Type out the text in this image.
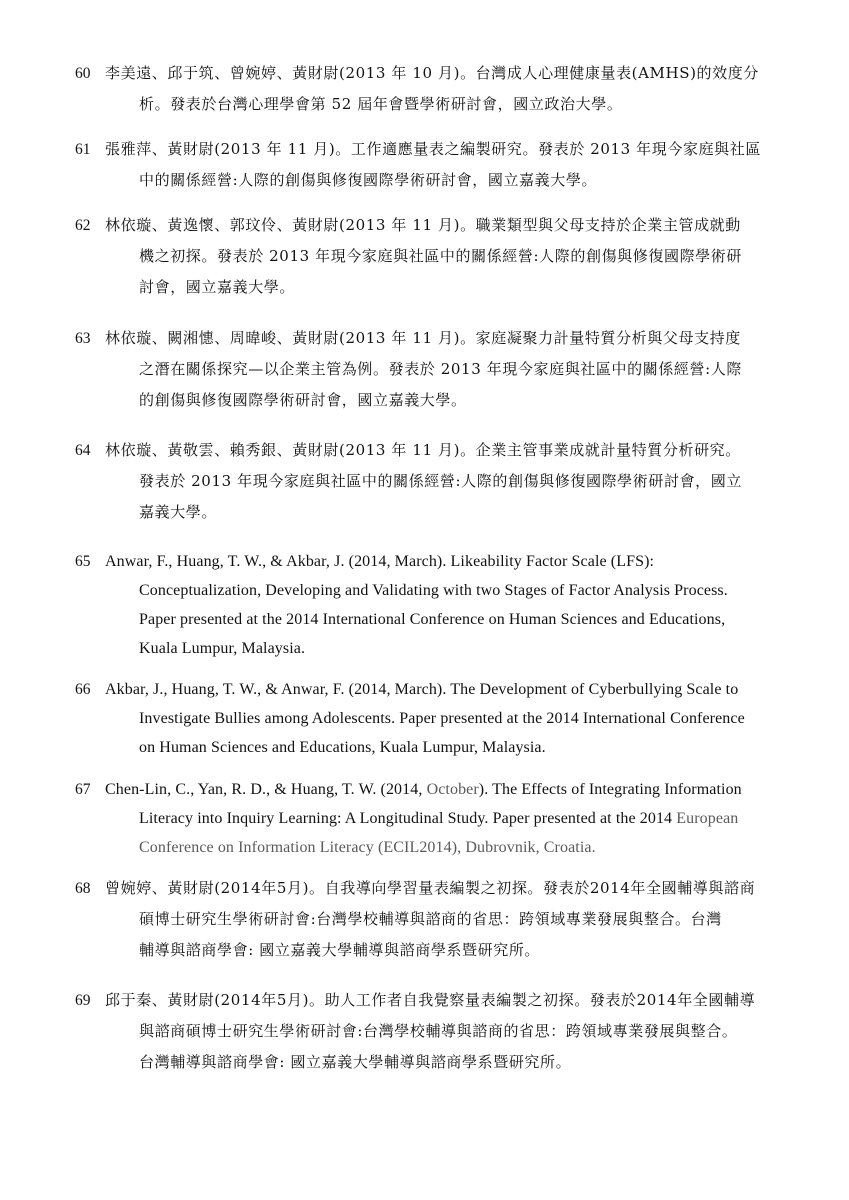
60 李美遠、邱于筑、曾婉婷、黃財尉(2013 年 10 月)。台灣成人心理健康量表(AMHS)的效度分
析。發表於台灣心理學會第 52 屆年會暨學術研討會，國立政治大學。
61 張雅萍、黃財尉(2013 年 11 月)。工作適應量表之編製研究。發表於 2013 年現今家庭與社區
中的關係經營:人際的創傷與修復國際學術研討會，國立嘉義大學。
62 林依璇、黃逸懷、郭玟伶、黃財尉(2013 年 11 月)。職業類型與父母支持於企業主管成就動
機之初探。發表於 2013 年現今家庭與社區中的關係經營:人際的創傷與修復國際學術研
討會，國立嘉義大學。
63 林依璇、闕湘憓、周暐峻、黃財尉(2013 年 11 月)。家庭凝聚力計量特質分析與父母支持度
之潛在關係探究—以企業主管為例。發表於 2013 年現今家庭與社區中的關係經營:人際
的創傷與修復國際學術研討會，國立嘉義大學。
64 林依璇、黃敬雲、賴秀銀、黃財尉(2013 年 11 月)。企業主管事業成就計量特質分析研究。
發表於 2013 年現今家庭與社區中的關係經營:人際的創傷與修復國際學術研討會，國立
嘉義大學。
65 Anwar, F., Huang, T. W., & Akbar, J. (2014, March). Likeability Factor Scale (LFS):
Conceptualization, Developing and Validating with two Stages of Factor Analysis Process.
Paper presented at the 2014 International Conference on Human Sciences and Educations,
Kuala Lumpur, Malaysia.
66 Akbar, J., Huang, T. W., & Anwar, F. (2014, March). The Development of Cyberbullying Scale to
Investigate Bullies among Adolescents. Paper presented at the 2014 International Conference
on Human Sciences and Educations, Kuala Lumpur, Malaysia.
67 Chen-Lin, C., Yan, R. D., & Huang, T. W. (2014, October). The Effects of Integrating Information
Literacy into Inquiry Learning: A Longitudinal Study. Paper presented at the 2014 European
Conference on Information Literacy (ECIL2014), Dubrovnik, Croatia.
68 曾婉婷、黃財尉(2014年5月)。自我導向學習量表編製之初探。發表於2014年全國輔導與諮商
碩博士研究生學術研討會:台灣學校輔導與諮商的省思：跨領域專業發展與整合。台灣
輔導與諮商學會: 國立嘉義大學輔導與諮商學系暨研究所。
69 邱于秦、黃財尉(2014年5月)。助人工作者自我覺察量表編製之初探。發表於2014年全國輔導
與諮商碩博士研究生學術研討會:台灣學校輔導與諮商的省思：跨領域專業發展與整合。
台灣輔導與諮商學會: 國立嘉義大學輔導與諮商學系暨研究所。
